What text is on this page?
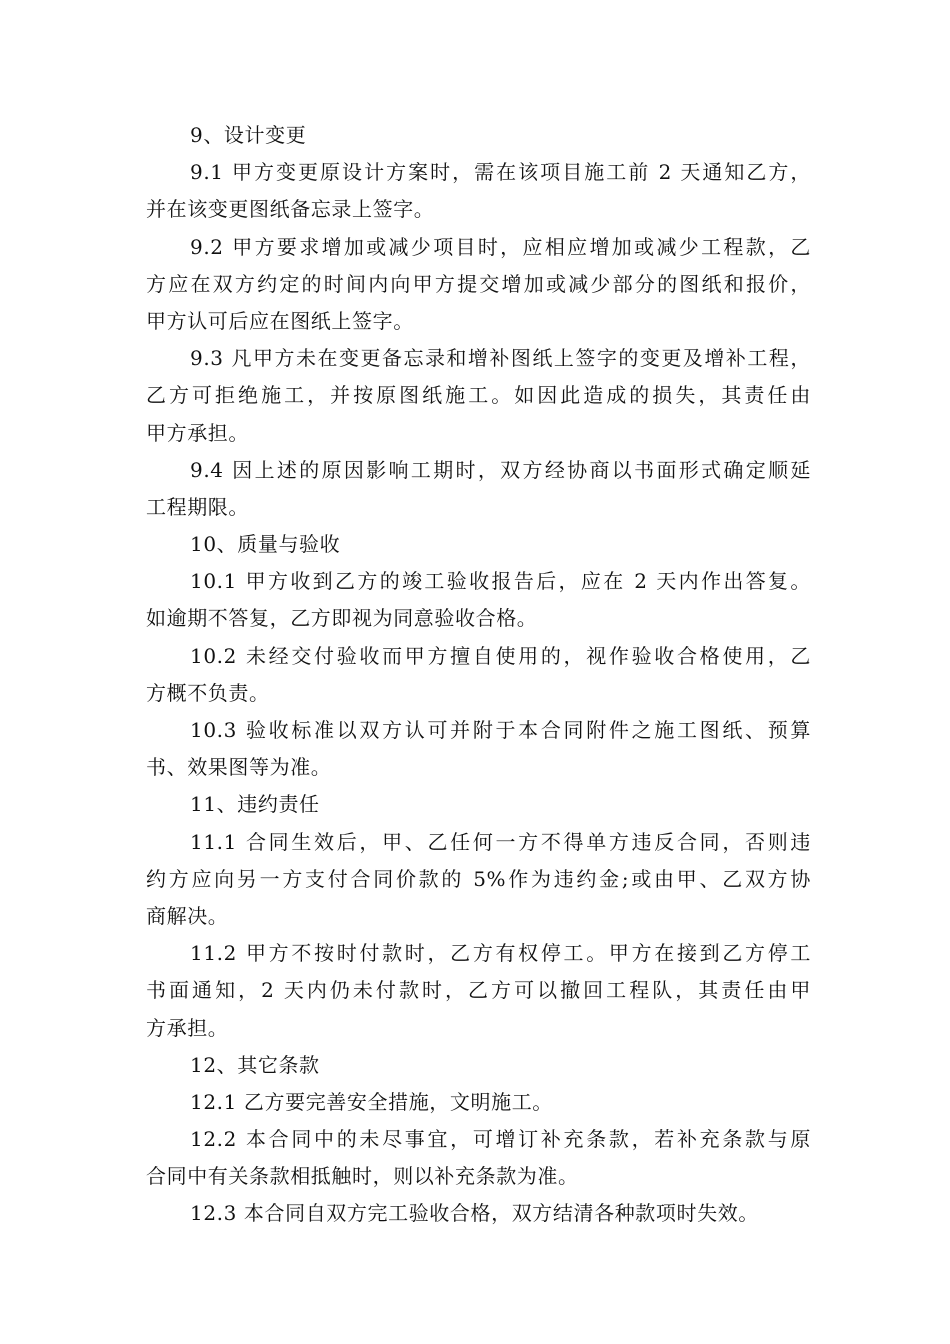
9、设计变更
9.1 甲方变更原设计方案时，需在该项目施工前 2 天通知乙方，
并在该变更图纸备忘录上签字。
9.2 甲方要求增加或减少项目时，应相应增加或减少工程款，乙
方应在双方约定的时间内向甲方提交增加或减少部分的图纸和报价，
甲方认可后应在图纸上签字。
9.3 凡甲方未在变更备忘录和增补图纸上签字的变更及增补工程，
乙方可拒绝施工，并按原图纸施工。如因此造成的损失，其责任由
甲方承担。
9.4 因上述的原因影响工期时，双方经协商以书面形式确定顺延
工程期限。
10、质量与验收
10.1 甲方收到乙方的竣工验收报告后，应在 2 天内作出答复。
如逾期不答复，乙方即视为同意验收合格。
10.2 未经交付验收而甲方擅自使用的，视作验收合格使用，乙
方概不负责。
10.3 验收标准以双方认可并附于本合同附件之施工图纸、预算
书、效果图等为准。
11、违约责任
11.1 合同生效后，甲、乙任何一方不得单方违反合同，否则违
约方应向另一方支付合同价款的 5%作为违约金;或由甲、乙双方协
商解决。
11.2 甲方不按时付款时，乙方有权停工。甲方在接到乙方停工
书面通知，2 天内仍未付款时，乙方可以撤回工程队，其责任由甲
方承担。
12、其它条款
12.1 乙方要完善安全措施，文明施工。
12.2 本合同中的未尽事宜，可增订补充条款，若补充条款与原
合同中有关条款相抵触时，则以补充条款为准。
12.3 本合同自双方完工验收合格，双方结清各种款项时失效。
